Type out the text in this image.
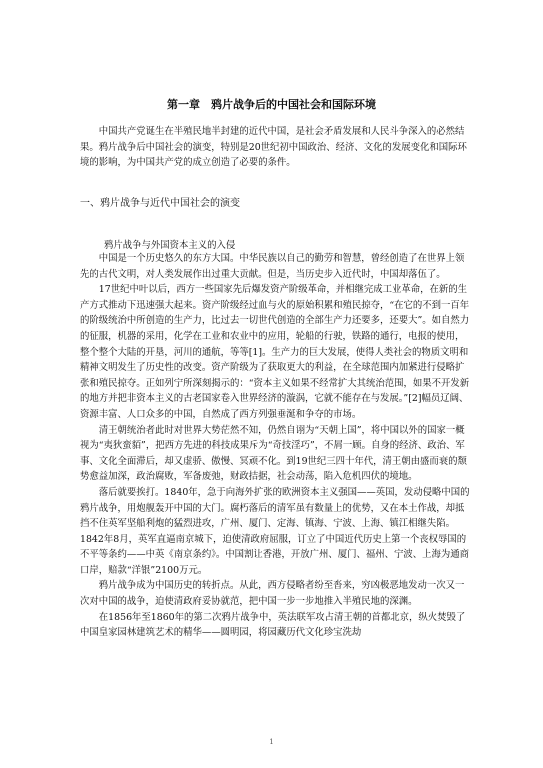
第一章　鸦片战争后的中国社会和国际环境
中国共产党诞生在半殖民地半封建的近代中国，是社会矛盾发展和人民斗争深入的必然结果。鸦片战争后中国社会的演变，特别是20世纪初中国政治、经济、文化的发展变化和国际环境的影响，为中国共产党的成立创造了必要的条件。
一、鸦片战争与近代中国社会的演变
鸦片战争与外国资本主义的入侵

中国是一个历史悠久的东方大国。中华民族以自己的勤劳和智慧，曾经创造了在世界上领先的古代文明，对人类发展作出过重大贡献。但是，当历史步入近代时，中国却落伍了。

17世纪中叶以后，西方一些国家先后爆发资产阶级革命，并相继完成工业革命，在新的生产方式推动下迅速强大起来。资产阶级经过血与火的原始积累和殖民掠夺，“在它的不到一百年的阶级统治中所创造的生产力，比过去一切世代创造的全部生产力还要多，还要大”。如自然力的征服，机器的采用，化学在工业和农业中的应用，轮船的行驶，铁路的通行，电报的使用，整个整个大陆的开垦，河川的通航，等等[1]。生产力的巨大发展，使得人类社会的物质文明和精神文明发生了历史性的改变。资产阶级为了获取更大的利益，在全球范围内加紧进行侵略扩张和殖民掠夺。正如列宁所深刻揭示的：“资本主义如果不经常扩大其统治范围，如果不开发新的地方并把非资本主义的古老国家卷入世界经济的漩涡，它就不能存在与发展。”[2]幅员辽阔、资源丰富、人口众多的中国，自然成了西方列强垂涎和争夺的市场。

清王朝统治者此时对世界大势茫然不知，仍然自诩为“天朝上国”，将中国以外的国家一概视为“夷狄蛮貊”，把西方先进的科技成果斥为“奇技淫巧”，不屑一顾。自身的经济、政治、军事、文化全面滞后，却又虚骄、傲慢、冥顽不化。到19世纪三四十年代，清王朝由盛而衰的颓势愈益加深，政治腐败，军备废弛，财政拮据，社会动荡，陷入危机四伏的境地。

落后就要挨打。1840年，急于向海外扩张的欧洲资本主义强国——英国，发动侵略中国的鸦片战争，用炮舰轰开中国的大门。腐朽落后的清军虽有数量上的优势，又在本土作战，却抵挡不住英军坚船利炮的猛烈进攻，广州、厦门、定海、镇海、宁波、上海、镇江相继失陷。1842年8月，英军直逼南京城下，迫使清政府屈服，订立了中国近代历史上第一个丧权辱国的不平等条约——中英《南京条约》。中国割让香港，开放广州、厦门、福州、宁波、上海为通商口岸，赔款“洋银”2100万元。

鸦片战争成为中国历史的转折点。从此，西方侵略者纷至沓来，穷凶极恶地发动一次又一次对中国的战争，迫使清政府妥协就范，把中国一步一步地推入半殖民地的深渊。

在1856年至1860年的第二次鸦片战争中，英法联军攻占清王朝的首都北京，纵火焚毁了中国皇家园林建筑艺术的精华——圆明园，将园藏历代文化珍宝洗劫

1
